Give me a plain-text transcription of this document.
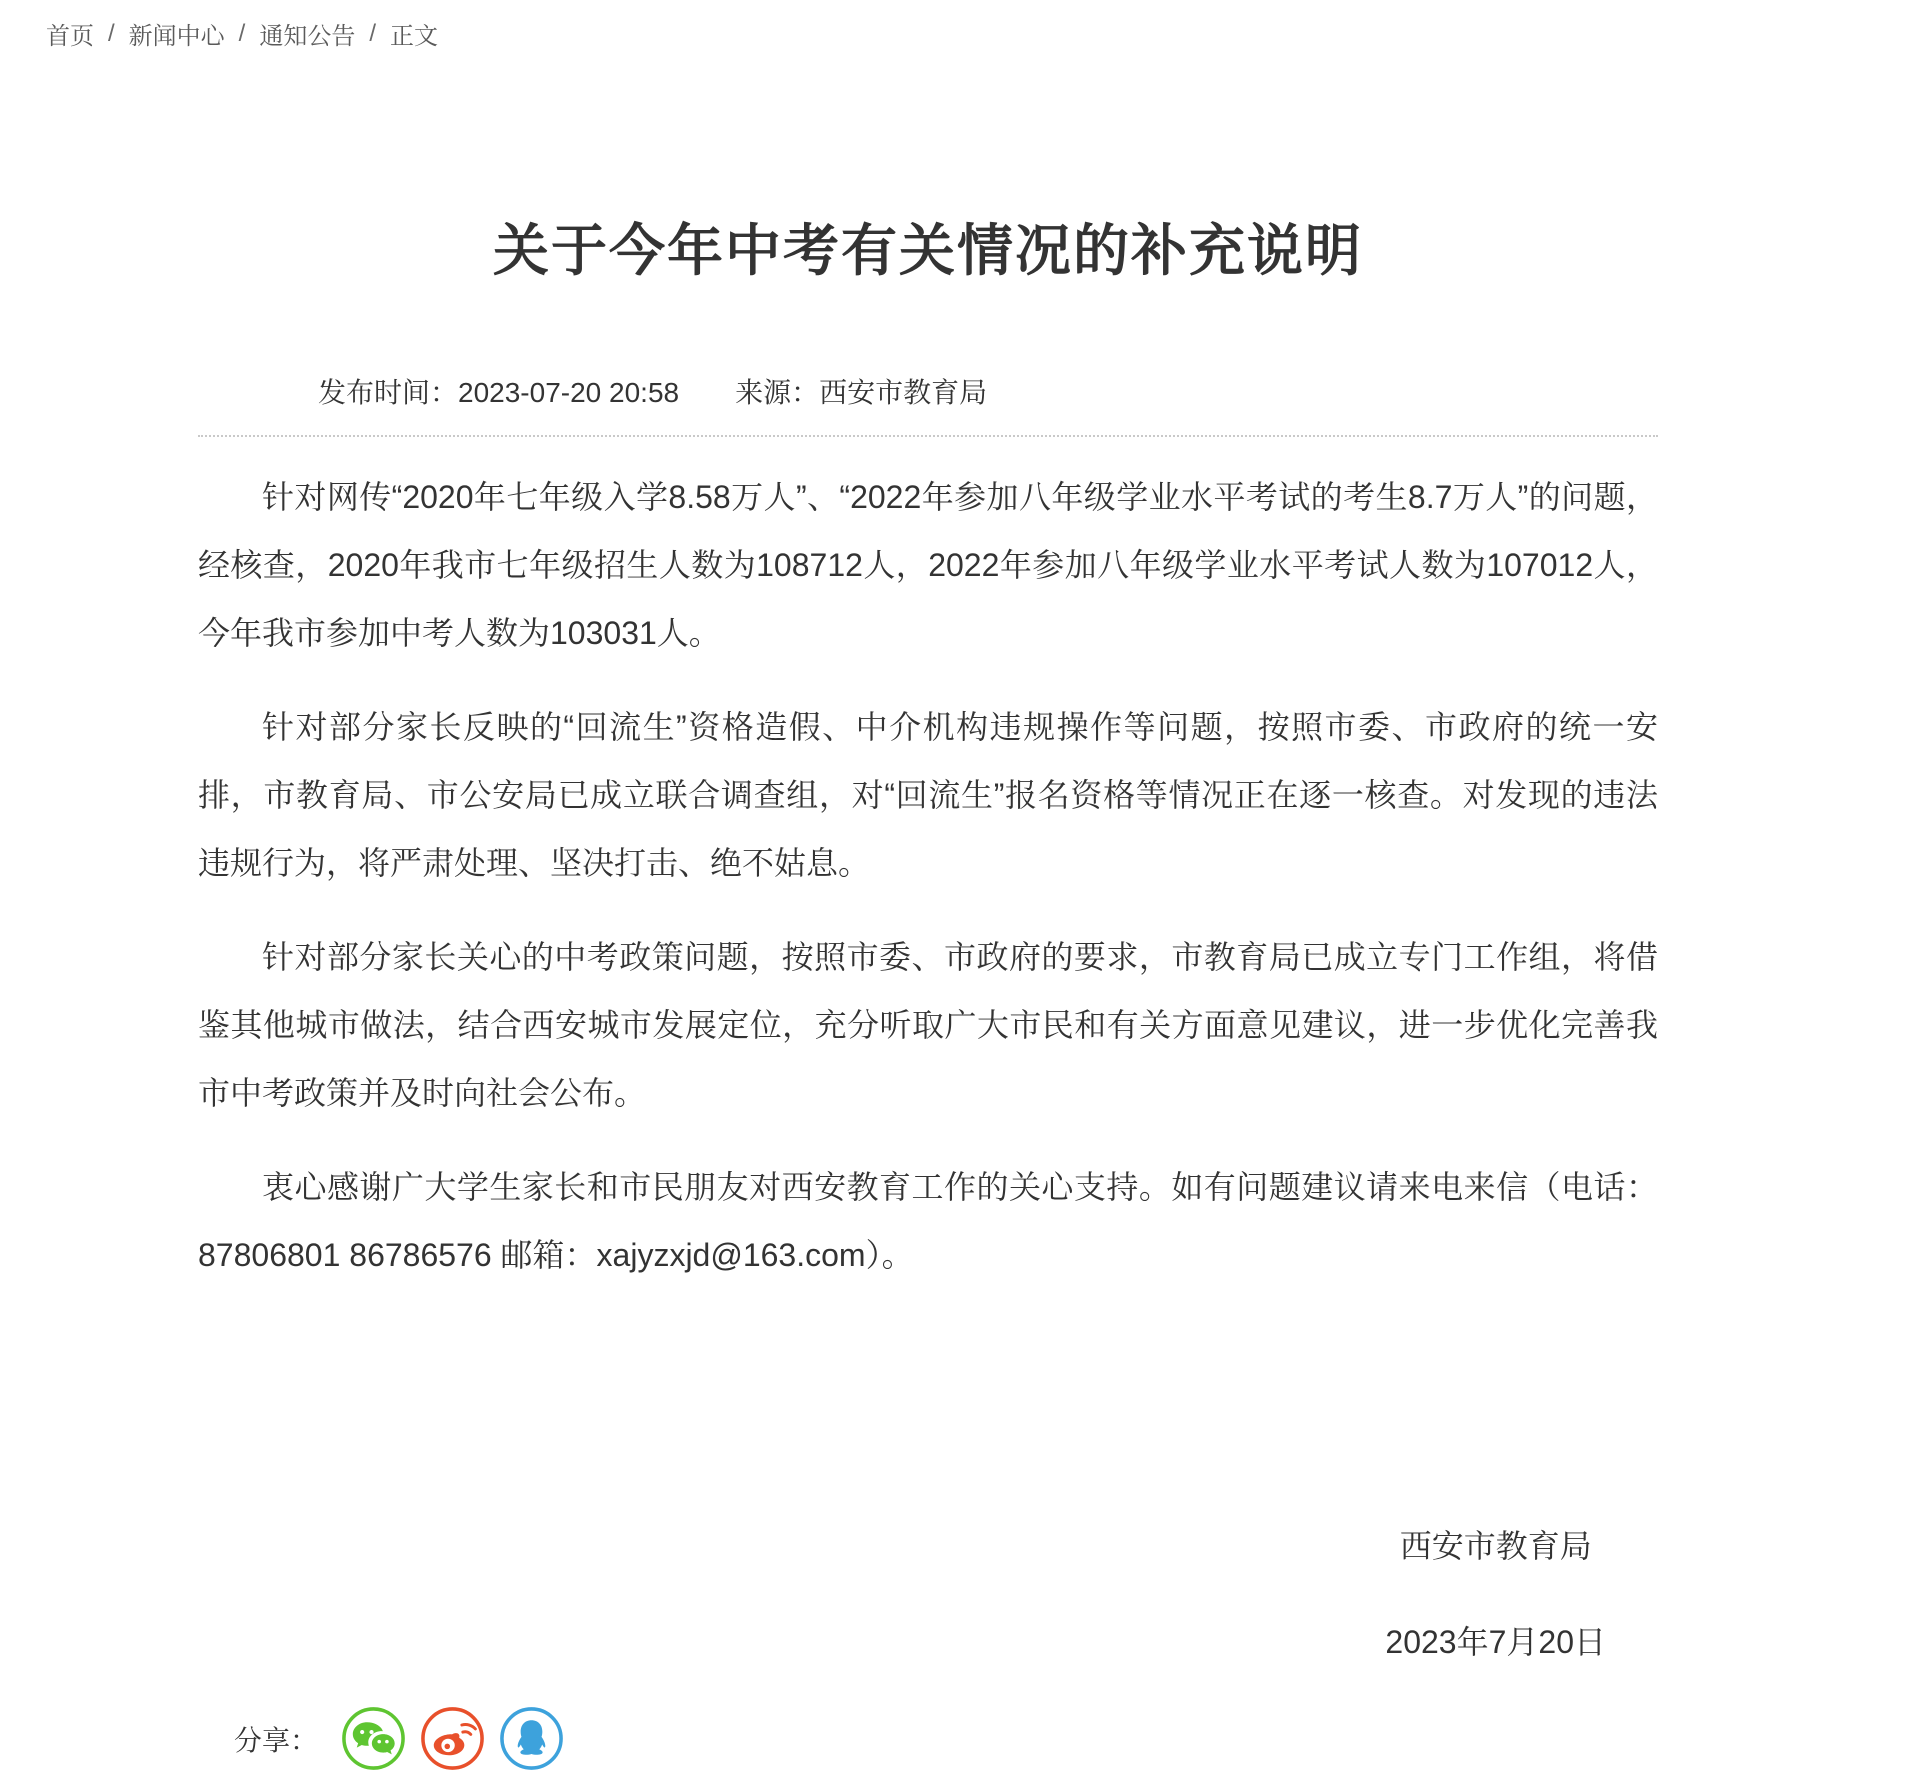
首页 / 新闻中心 / 通知公告 / 正文
关于今年中考有关情况的补充说明
发布时间： 2023-07-20 20:58 来源： 西安市教育局

针对网传“2020年七年级入学8.58万人”、“2022年参加八年级学业水平考试的考生8.7万人”的问题，经核查，2020年我市七年级招生人数为108712人，2022年参加八年级学业水平考试人数为107012人，今年我市参加中考人数为103031人。

针对部分家长反映的“回流生”资格造假、中介机构违规操作等问题，按照市委、市政府的统一安排，市教育局、市公安局已成立联合调查组，对“回流生”报名资格等情况正在逐一核查。对发现的违法违规行为，将严肃处理、坚决打击、绝不姑息。

针对部分家长关心的中考政策问题，按照市委、市政府的要求，市教育局已成立专门工作组，将借鉴其他城市做法，结合西安城市发展定位，充分听取广大市民和有关方面意见建议，进一步优化完善我市中考政策并及时向社会公布。

衷心感谢广大学生家长和市民朋友对西安教育工作的关心支持。如有问题建议请来电来信（电话：87806801 86786576 邮箱：xajyzxjd@163.com）。

西安市教育局
2023年7月20日
分享：
